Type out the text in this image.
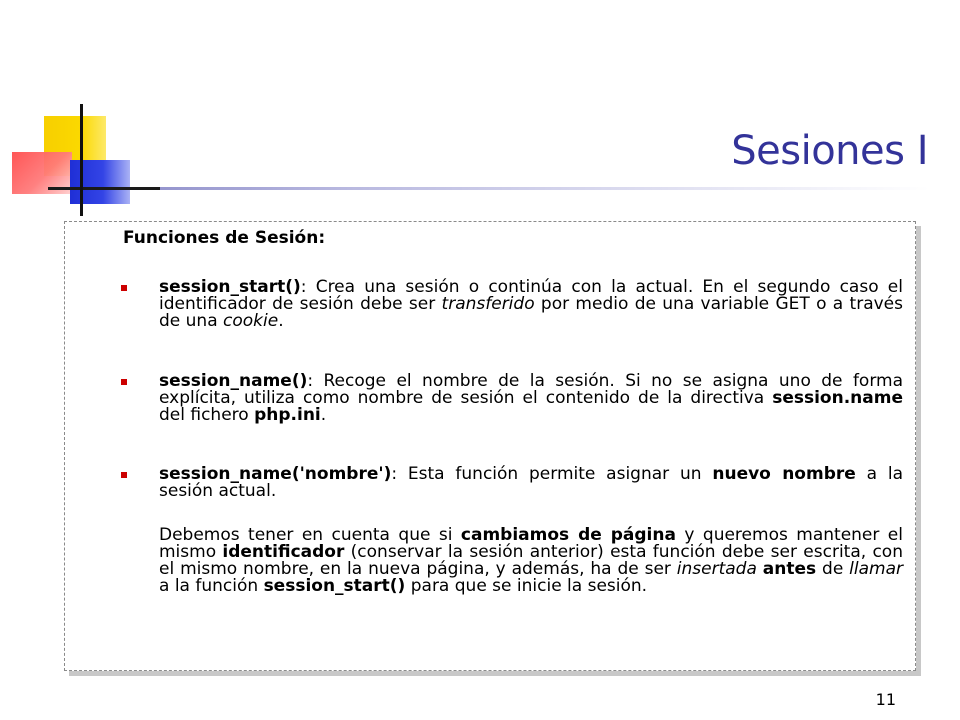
Sesiones I
Funciones de Sesión:
session_start(): Crea una sesión o continúa con la actual. En el segundo caso el identificador de sesión debe ser transferido por medio de una variable GET o a través de una cookie.
session_name(): Recoge el nombre de la sesión. Si no se asigna uno de forma explícita, utiliza como nombre de sesión el contenido de la directiva session.name del fichero php.ini.
session_name('nombre'): Esta función permite asignar un nuevo nombre a la sesión actual.
Debemos tener en cuenta que si cambiamos de página y queremos mantener el mismo identificador (conservar la sesión anterior) esta función debe ser escrita, con el mismo nombre, en la nueva página, y además, ha de ser insertada antes de llamar a la función session_start() para que se inicie la sesión.
11
